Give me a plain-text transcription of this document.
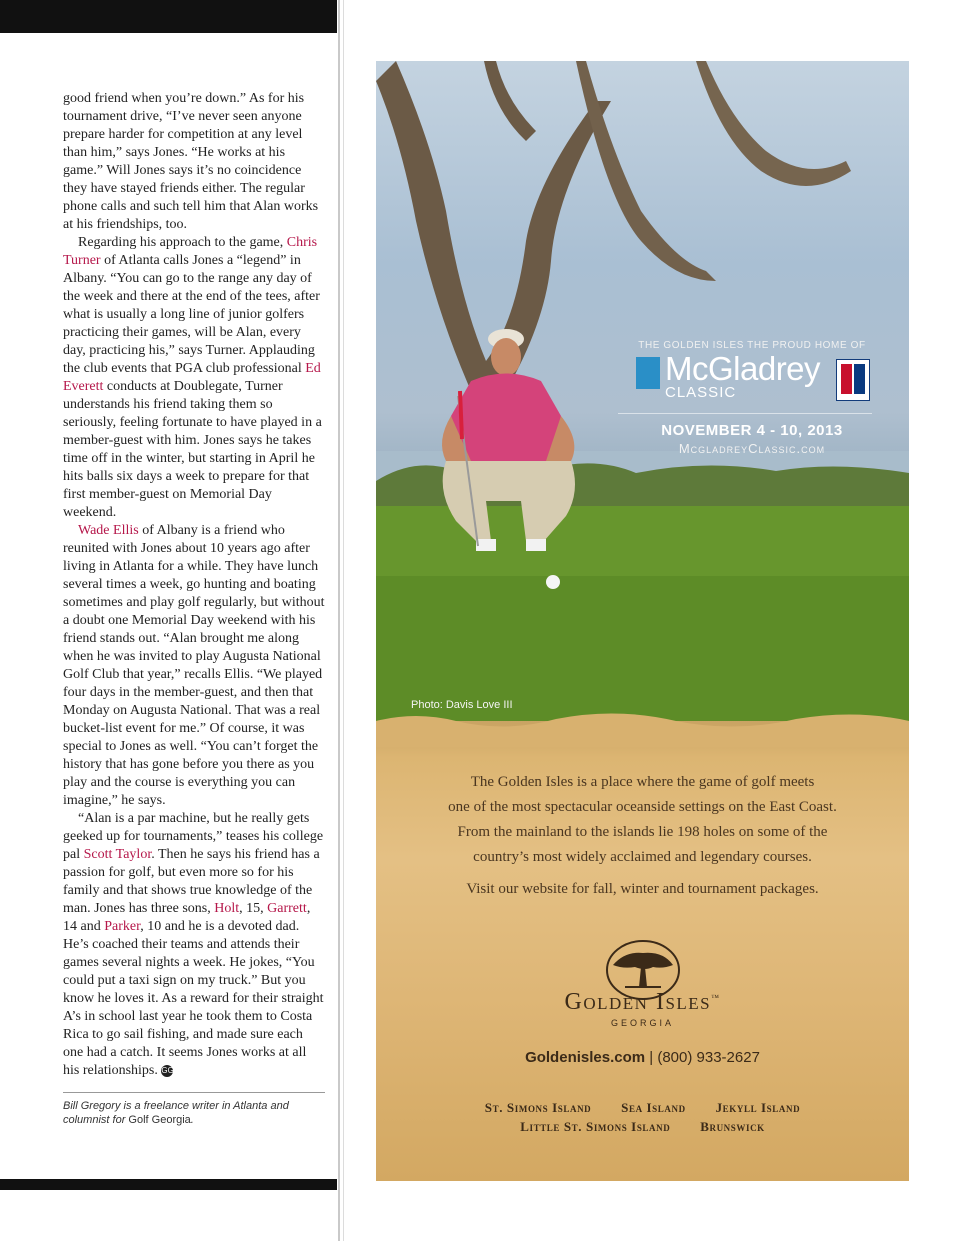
good friend when you’re down.” As for his tournament drive, “I’ve never seen anyone prepare harder for competition at any level than him,” says Jones. “He works at his game.” Will Jones says it’s no coincidence they have stayed friends either. The regular phone calls and such tell him that Alan works at his friendships, too.

Regarding his approach to the game, Chris Turner of Atlanta calls Jones a “legend” in Albany. “You can go to the range any day of the week and there at the end of the tees, after what is usually a long line of junior golfers practicing their games, will be Alan, every day, practicing his,” says Turner. Applauding the club events that PGA club professional Ed Everett conducts at Doublegate, Turner understands his friend taking them so seriously, feeling fortunate to have played in a member-guest with him. Jones says he takes time off in the winter, but starting in April he hits balls six days a week to prepare for that first member-guest on Memorial Day weekend.

Wade Ellis of Albany is a friend who reunited with Jones about 10 years ago after living in Atlanta for a while. They have lunch several times a week, go hunting and boating sometimes and play golf regularly, but without a doubt one Memorial Day weekend with his friend stands out. “Alan brought me along when he was invited to play Augusta National Golf Club that year,” recalls Ellis. “We played four days in the member-guest, and then that Monday on Augusta National. That was a real bucket-list event for me.” Of course, it was special to Jones as well. “You can’t forget the history that has gone before you there as you play and the course is everything you can imagine,” he says.

“Alan is a par machine, but he really gets geeked up for tournaments,” teases his college pal Scott Taylor. Then he says his friend has a passion for golf, but even more so for his family and that shows true knowledge of the man. Jones has three sons, Holt, 15, Garrett, 14 and Parker, 10 and he is a devoted dad. He’s coached their teams and attends their games several nights a week. He jokes, “You could put a taxi sign on my truck.” But you know he loves it. As a reward for their straight A’s in school last year he took them to Costa Rica to go sail fishing, and made sure each one had a catch. It seems Jones works at all his relationships. GG

Bill Gregory is a freelance writer in Atlanta and columnist for Golf Georgia.
THE GOLDEN ISLES THE PROUD HOME OF
McGladrey
CLASSIC
NOVEMBER 4 - 10, 2013
McgladreyClassic.com
Photo: Davis Love III
The Golden Isles is a place where the game of golf meets
one of the most spectacular oceanside settings on the East Coast.
From the mainland to the islands lie 198 holes on some of the
country’s most widely acclaimed and legendary courses.
Visit our website for fall, winter and tournament packages.
Golden Isles™
GEORGIA
Goldenisles.com | (800) 933-2627
St. Simons Island Sea Island Jekyll Island
Little St. Simons Island Brunswick
